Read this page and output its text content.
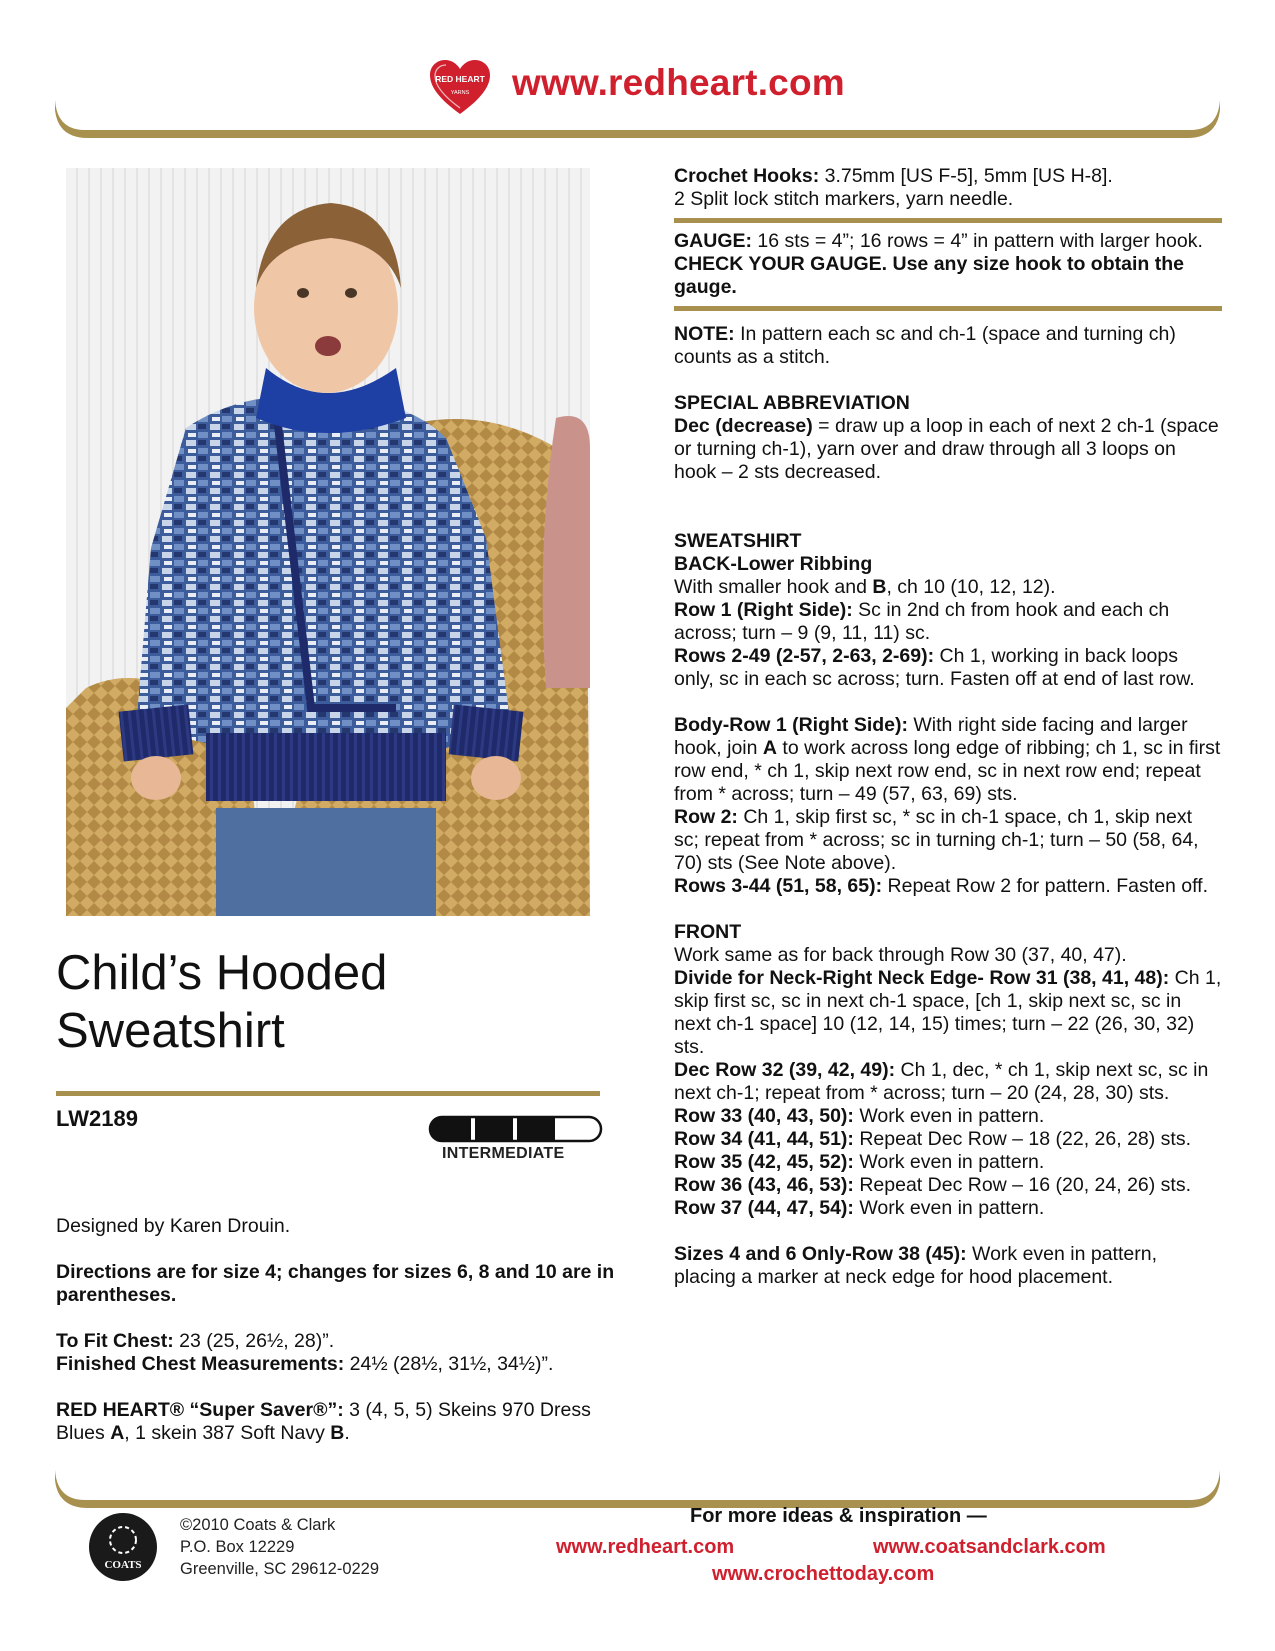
RED HEART
YARNS www.redheart.com
Child’s Hooded
Sweatshirt
LW2189
INTERMEDIATE

Designed by Karen Drouin.

Directions are for size 4; changes for sizes 6, 8 and 10 are in parentheses.

To Fit Chest: 23 (25, 26½, 28)”.
Finished Chest Measurements: 24½ (28½, 31½, 34½)”.

RED HEART® “Super Saver®”: 3 (4, 5, 5) Skeins 970 Dress Blues A, 1 skein 387 Soft Navy B.

Crochet Hooks: 3.75mm [US F-5], 5mm [US H-8].
2 Split lock stitch markers, yarn needle.

GAUGE: 16 sts = 4”; 16 rows = 4” in pattern with larger hook. CHECK YOUR GAUGE. Use any size hook to obtain the gauge.

NOTE: In pattern each sc and ch-1 (space and turning ch) counts as a stitch.

SPECIAL ABBREVIATION
Dec (decrease) = draw up a loop in each of next 2 ch-1 (space or turning ch-1), yarn over and draw through all 3 loops on hook – 2 sts decreased.

SWEATSHIRT
BACK-Lower Ribbing
With smaller hook and B, ch 10 (10, 12, 12).
Row 1 (Right Side): Sc in 2nd ch from hook and each ch across; turn – 9 (9, 11, 11) sc.
Rows 2-49 (2-57, 2-63, 2-69): Ch 1, working in back loops only, sc in each sc across; turn. Fasten off at end of last row.

Body-Row 1 (Right Side): With right side facing and larger hook, join A to work across long edge of ribbing; ch 1, sc in first row end, * ch 1, skip next row end, sc in next row end; repeat from * across; turn – 49 (57, 63, 69) sts.
Row 2: Ch 1, skip first sc, * sc in ch-1 space, ch 1, skip next sc; repeat from * across; sc in turning ch-1; turn – 50 (58, 64, 70) sts (See Note above).
Rows 3-44 (51, 58, 65): Repeat Row 2 for pattern. Fasten off.

FRONT
Work same as for back through Row 30 (37, 40, 47).
Divide for Neck-Right Neck Edge- Row 31 (38, 41, 48): Ch 1, skip first sc, sc in next ch-1 space, [ch 1, skip next sc, sc in next ch-1 space] 10 (12, 14, 15) times; turn – 22 (26, 30, 32) sts.
Dec Row 32 (39, 42, 49): Ch 1, dec, * ch 1, skip next sc, sc in next ch-1; repeat from * across; turn – 20 (24, 28, 30) sts.
Row 33 (40, 43, 50): Work even in pattern.
Row 34 (41, 44, 51): Repeat Dec Row – 18 (22, 26, 28) sts.
Row 35 (42, 45, 52): Work even in pattern.
Row 36 (43, 46, 53): Repeat Dec Row – 16 (20, 24, 26) sts.
Row 37 (44, 47, 54): Work even in pattern.

Sizes 4 and 6 Only-Row 38 (45): Work even in pattern, placing a marker at neck edge for hood placement.

COATS
©2010 Coats & Clark
P.O. Box 12229
Greenville, SC 29612-0229
For more ideas & inspiration —
www.redheart.com	www.coatsandclark.com
www.crochettoday.com
